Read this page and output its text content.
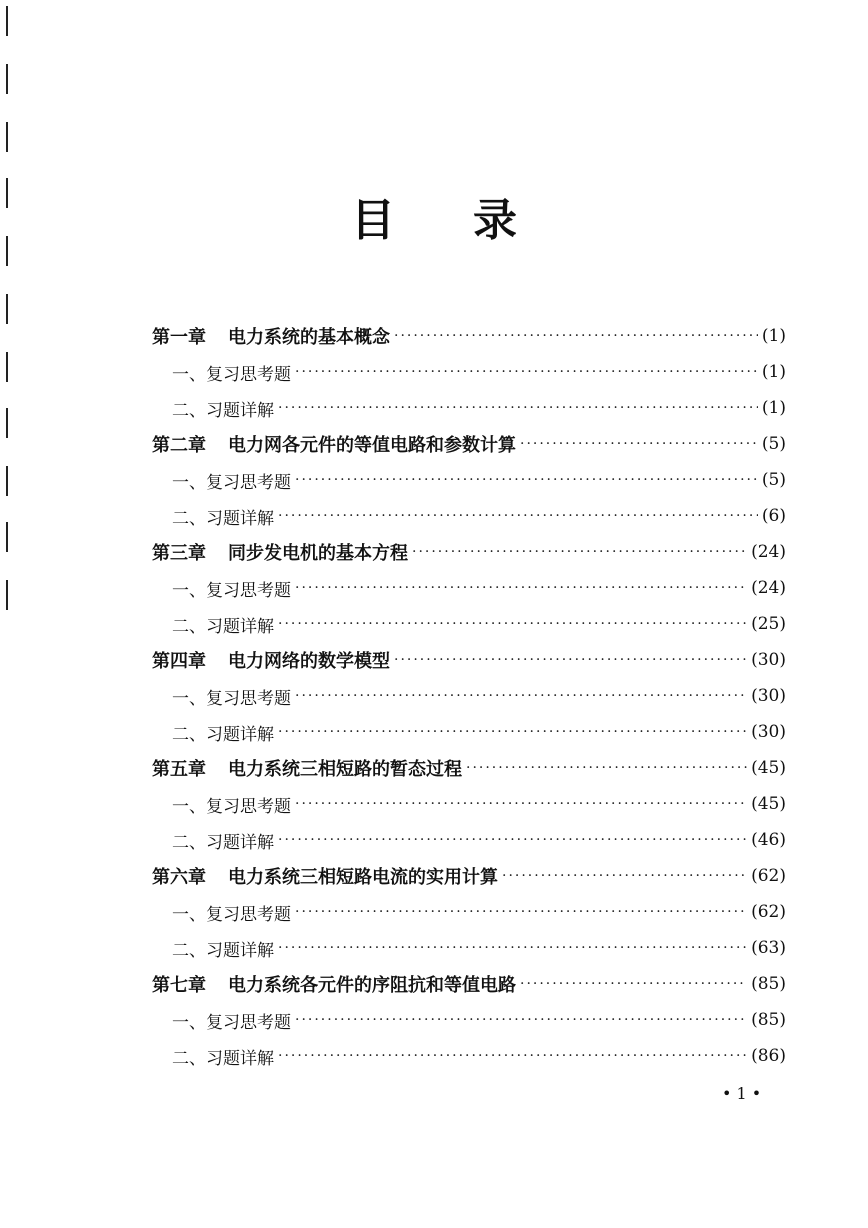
目 录
第一章 电力系统的基本概念 ·····	(1)
一、复习思考题 ·····	(1)
二、习题详解 ·····	(1)
第二章 电力网各元件的等值电路和参数计算 ·····	(5)
一、复习思考题 ·····	(5)
二、习题详解 ·····	(6)
第三章 同步发电机的基本方程 ·····	(24)
一、复习思考题 ·····	(24)
二、习题详解 ·····	(25)
第四章 电力网络的数学模型 ·····	(30)
一、复习思考题 ·····	(30)
二、习题详解 ·····	(30)
第五章 电力系统三相短路的暂态过程 ·····	(45)
一、复习思考题 ·····	(45)
二、习题详解 ·····	(46)
第六章 电力系统三相短路电流的实用计算 ·····	(62)
一、复习思考题 ·····	(62)
二、习题详解 ·····	(63)
第七章 电力系统各元件的序阻抗和等值电路 ·····	(85)
一、复习思考题 ·····	(85)
二、习题详解 ·····	(86)
• 1 •
